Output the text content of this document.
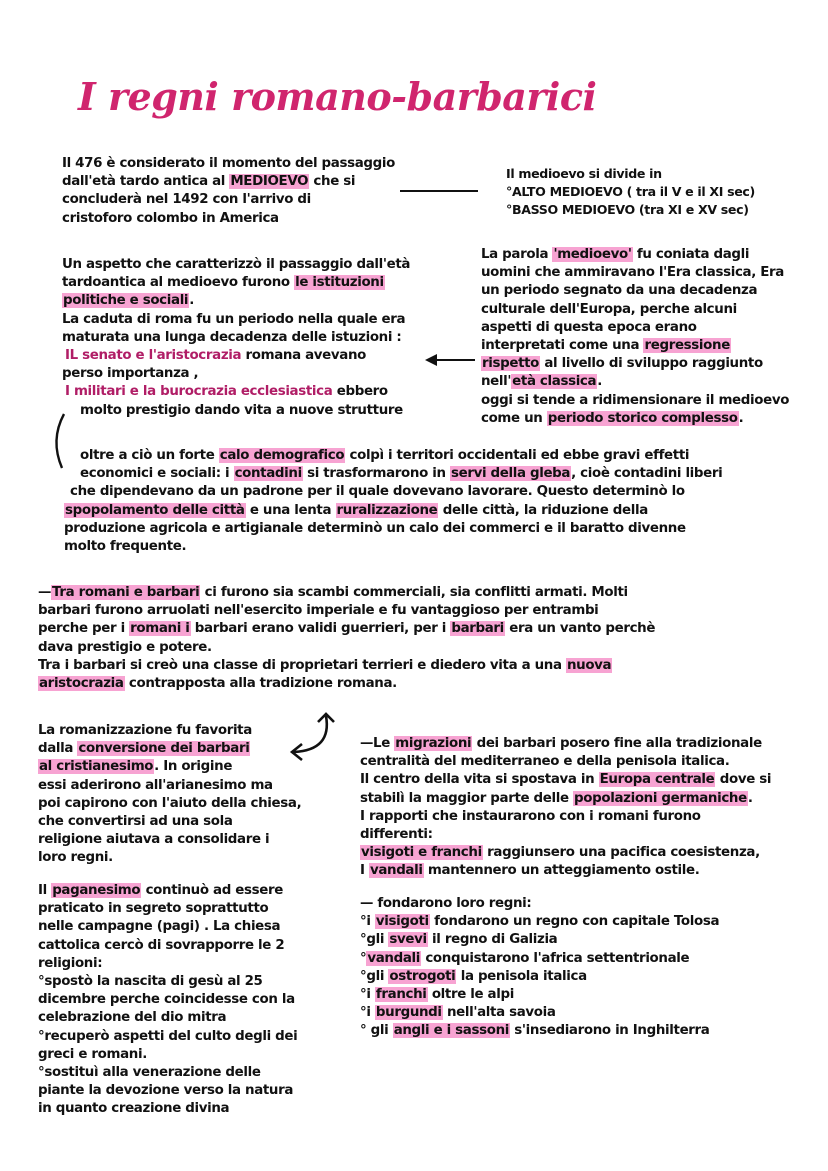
I regni romano-barbarici

Il 476 è considerato il momento del passaggio

dall'età tardo antica al MEDIOEVO che si

concluderà nel 1492 con l'arrivo di

cristoforo colombo in America

Il medioevo si divide in

°ALTO MEDIOEVO ( tra il V e il XI sec)

°BASSO MEDIOEVO (tra XI e XV sec)

Un aspetto che caratterizzò il passaggio dall'età

tardoantica al medioevo furono le istituzioni

politiche e sociali.

La caduta di roma fu un periodo nella quale era

maturata una lunga decadenza delle istuzioni :

IL senato e l'aristocrazia romana avevano

perso importanza ,

I militari e la burocrazia ecclesiastica ebbero

molto prestigio dando vita a nuove strutture

La parola 'medioevo' fu coniata dagli

uomini che ammiravano l'Era classica, Era

un periodo segnato da una decadenza

culturale dell'Europa, perche alcuni

aspetti di questa epoca erano

interpretati come una regressione

rispetto al livello di sviluppo raggiunto

nell'età classica.

oggi si tende a ridimensionare il medioevo

come un periodo storico complesso.

oltre a ciò un forte calo demografico colpì i territori occidentali ed ebbe gravi effetti

economici e sociali: i contadini si trasformarono in servi della gleba, cioè contadini liberi

che dipendevano da un padrone per il quale dovevano lavorare. Questo determinò lo

spopolamento delle città e una lenta ruralizzazione delle città, la riduzione della

produzione agricola e artigianale determinò un calo dei commerci e il baratto divenne

molto frequente.

—Tra romani e barbari ci furono sia scambi commerciali, sia conflitti armati. Molti

barbari furono arruolati nell'esercito imperiale e fu vantaggioso per entrambi

perche per i romani i barbari erano validi guerrieri, per i barbari era un vanto perchè

dava prestigio e potere.

Tra i barbari si creò una classe di proprietari terrieri e diedero vita a una nuova

aristocrazia contrapposta alla tradizione romana.

La romanizzazione fu favorita

dalla conversione dei barbari

al cristianesimo. In origine

essi aderirono all'arianesimo ma

poi capirono con l'aiuto della chiesa,

che convertirsi ad una sola

religione aiutava a consolidare i

loro regni.

Il paganesimo continuò ad essere

praticato in segreto soprattutto

nelle campagne (pagi) . La chiesa

cattolica cercò di sovrapporre le 2

religioni:

°spostò la nascita di gesù al 25

dicembre perche coincidesse con la

celebrazione del dio mitra

°recuperò aspetti del culto degli dei

greci e romani.

°sostituì alla venerazione delle

piante la devozione verso la natura

in quanto creazione divina

—Le migrazioni dei barbari posero fine alla tradizionale

centralità del mediterraneo e della penisola italica.

Il centro della vita si spostava in Europa centrale dove si

stabilì la maggior parte delle popolazioni germaniche.

I rapporti che instaurarono con i romani furono

differenti:

visigoti e franchi raggiunsero una pacifica coesistenza,

I vandali mantennero un atteggiamento ostile.

— fondarono loro regni:

°i visigoti fondarono un regno con capitale Tolosa

°gli svevi il regno di Galizia

°vandali conquistarono l'africa settentrionale

°gli ostrogoti la penisola italica

°i franchi oltre le alpi

°i burgundi nell'alta savoia

° gli angli e i sassoni s'insediarono in Inghilterra
